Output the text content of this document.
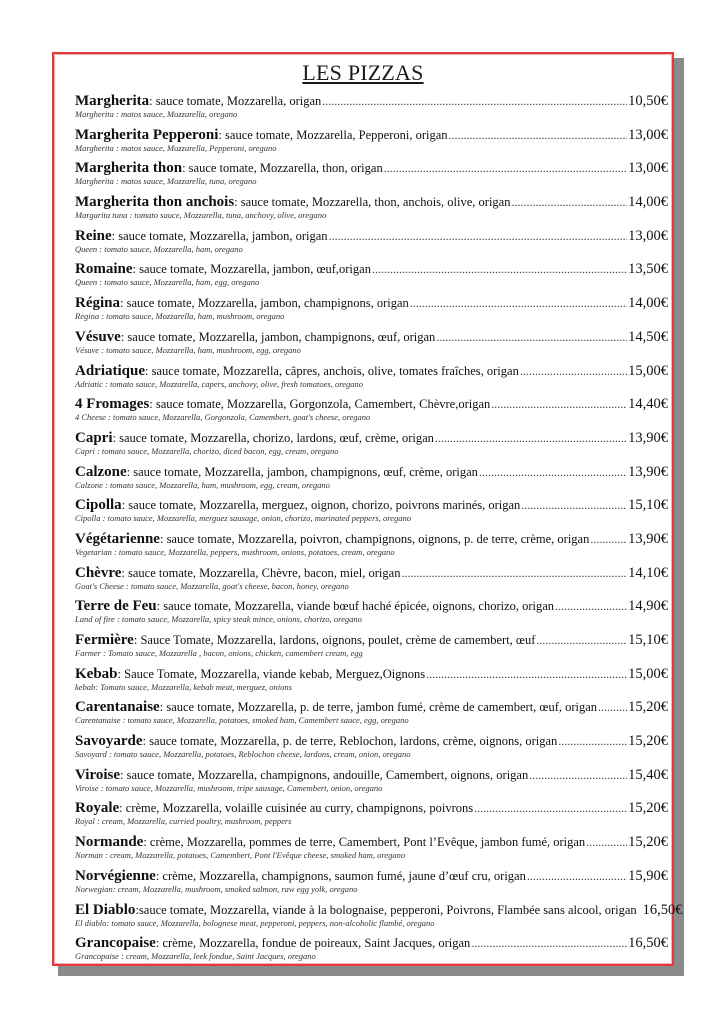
LES PIZZAS
Margherita : sauce tomate, Mozzarella, origan .....	10,50€
Margherita : matos sauce, Mozzarella, oregano
Margherita Pepperoni : sauce tomate, Mozzarella, Pepperoni, origan .....	13,00€
Margherita : matos sauce, Mozzarella, Pepperoni, oregano
Margherita thon : sauce tomate, Mozzarella, thon, origan .....	13,00€
Margherita : matos sauce, Mozzarella, tuna, oregano
Margherita thon anchois : sauce tomate, Mozzarella, thon, anchois, olive, origan .....	14,00€
Margarita tuna : tomato sauce, Mozzarella, tuna, anchovy, olive, oregano
Reine : sauce tomate, Mozzarella, jambon, origan .....	13,00€
Queen : tomato sauce, Mozzarella, ham, oregano
Romaine : sauce tomate, Mozzarella, jambon, œuf,origan .....	13,50€
Queen : tomato sauce, Mozzarella, ham, egg, oregano
Régina : sauce tomate, Mozzarella, jambon, champignons, origan .....	14,00€
Regina : tomato sauce, Mozzarella, ham, mushroom, oregano
Vésuve : sauce tomate, Mozzarella, jambon, champignons, œuf, origan .....	14,50€
Vésuve : tomato sauce, Mozzarella, ham, mushroom, egg, oregano
Adriatique : sauce tomate, Mozzarella, câpres, anchois, olive, tomates fraîches, origan .....	15,00€
Adriatic : tomato sauce, Mozzarella, capers, anchovy, olive, fresh tomatoes, oregano
4 Fromages : sauce tomate, Mozzarella, Gorgonzola, Camembert, Chèvre,origan .....	14,40€
4 Cheese : tomato sauce, Mozzarella, Gorgonzola, Camembert, goat's cheese, oregano
Capri : sauce tomate, Mozzarella, chorizo, lardons, œuf, crème, origan .....	13,90€
Capri : tomato sauce, Mozzarella, chorizo, diced bacon, egg, cream, oregano
Calzone : sauce tomate, Mozzarella, jambon, champignons, œuf, crème, origan .....	13,90€
Calzone : tomato sauce, Mozzarella, ham, mushroom, egg, cream, oregano
Cipolla : sauce tomate, Mozzarella, merguez, oignon, chorizo, poivrons marinés, origan .....	15,10€
Cipolla : tomato sauce, Mozzarella, merguez sausage, onion, chorizo, marinated peppers, oregano
Végétarienne : sauce tomate, Mozzarella, poivron, champignons, oignons, p. de terre, crème, origan .....	13,90€
Vegetarian : tomato sauce, Mozzarella, peppers, mushroom, onions, potatoes, cream, oregano
Chèvre : sauce tomate, Mozzarella, Chèvre, bacon, miel, origan .....	14,10€
Goat's Cheese : tomato sauce, Mozzarella, goat's cheese, bacon, honey, oregano
Terre de Feu : sauce tomate, Mozzarella, viande bœuf haché épicée, oignons, chorizo, origan .....	14,90€
Land of fire : tomato sauce, Mozzarella, spicy steak mince, onions, chorizo, oregano
Fermière : Sauce Tomate, Mozzarella, lardons, oignons, poulet, crème de camembert, œuf .....	15,10€
Farmer : Tomato sauce, Mozzarella , bacon, onions, chicken, camembert cream, egg
Kebab : Sauce Tomate, Mozzarella, viande kebab, Merguez,Oignons .....	15,00€
kebab: Tomato sauce, Mozzarella, kebab meat, merguez, onions
Carentanaise : sauce tomate, Mozzarella, p. de terre, jambon fumé, crème de camembert, œuf, origan ..... 15,20€
Carentanaise : tomato sauce, Mozzarella, potatoes, smoked ham, Camembert sauce, egg, oregano
Savoyarde : sauce tomate, Mozzarella, p. de terre, Reblochon, lardons, crème, oignons, origan .....	15,20€
Savoyard : tomato sauce, Mozzarella, potatoes, Reblochon cheese, lardons, cream, onion, oregano
Viroise : sauce tomate, Mozzarella, champignons, andouille, Camembert, oignons, origan .....	15,40€
Viroise : tomato sauce, Mozzarella, mushroom, tripe sausage, Camembert, onion, oregano
Royale : crème, Mozzarella, volaille cuisinée au curry, champignons, poivrons .....	15,20€
Royal : cream, Mozzarella, curried poultry, mushroom, peppers
Normande : crème, Mozzarella, pommes de terre, Camembert, Pont l’Evêque, jambon fumé, origan .....	15,20€
Norman : cream, Mozzarella, potatoes, Camembert, Pont l'Evêque cheese, smoked ham, oregano
Norvégienne : crème, Mozzarella, champignons, saumon fumé, jaune d’œuf cru, origan .....	15,90€
Norwegian: cream, Mozzarella, mushroom, smoked salmon, raw egg yolk, oregano
El Diablo :sauce tomate, Mozzarella, viande à la bolognaise, pepperoni, Poivrons, Flambée sans alcool, origan 16,50€
El diablo: tomato sauce, Mozzarella, bolognese meat, pepperoni, peppers, non-alcoholic flambé, oregano
Grancopaise : crème, Mozzarella, fondue de poireaux, Saint Jacques, origan .....	16,50€
Grancopaise : cream, Mozzarella, leek fondue, Saint Jacques, oregano
